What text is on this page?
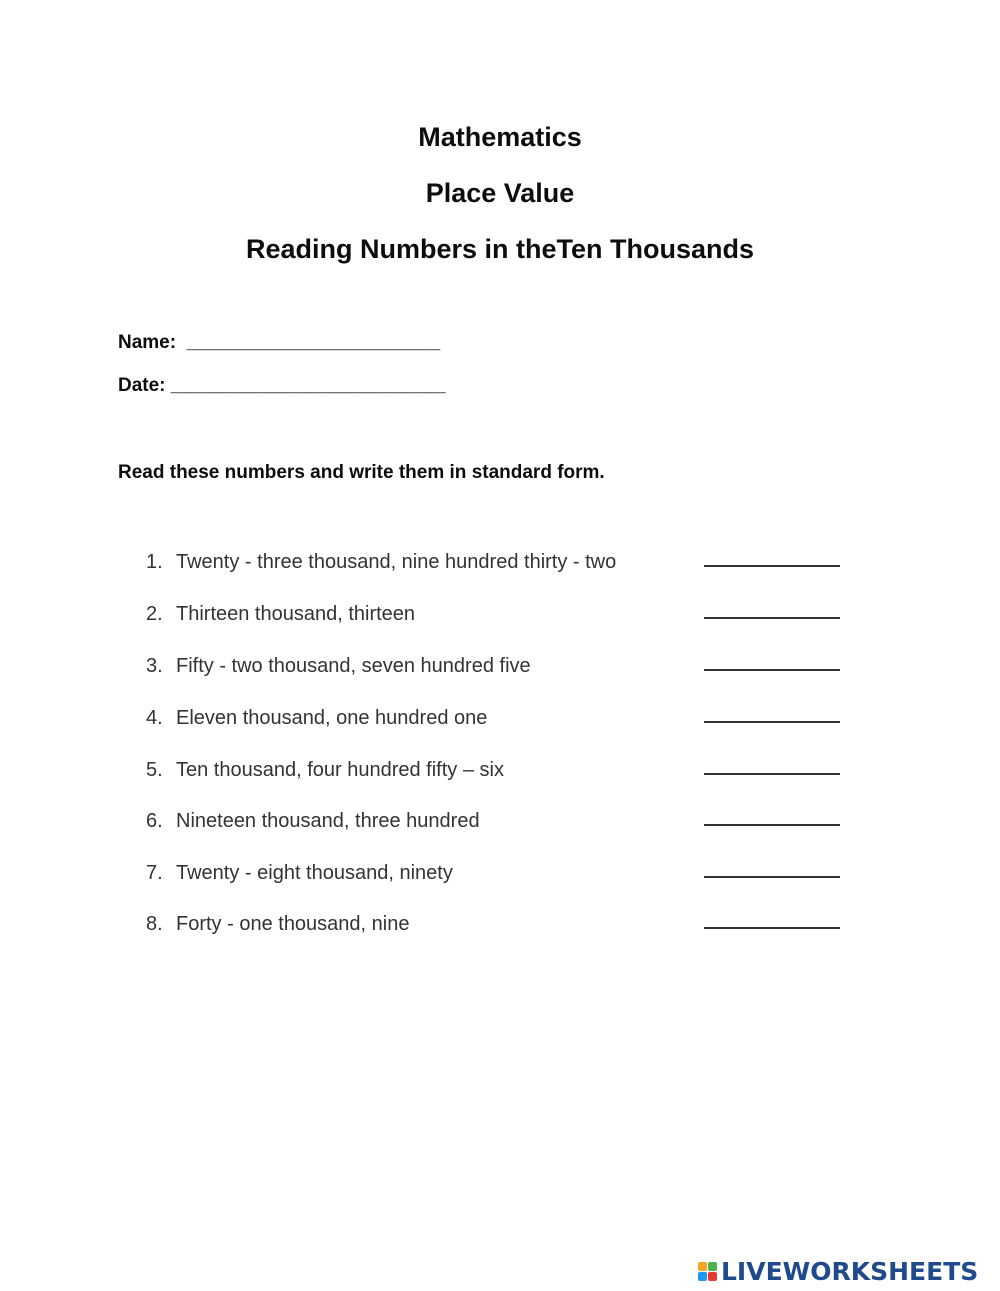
Mathematics
Place Value
Reading Numbers in theTen Thousands
Name:  ________________________
Date: __________________________
Read these numbers and write them in standard form.
1. Twenty - three thousand, nine hundred thirty - two
2. Thirteen thousand, thirteen
3. Fifty - two thousand, seven hundred five
4. Eleven thousand, one hundred one
5. Ten thousand, four hundred fifty – six
6. Nineteen thousand, three hundred
7. Twenty - eight thousand, ninety
8. Forty - one thousand, nine
LIVEWORKSHEETS
